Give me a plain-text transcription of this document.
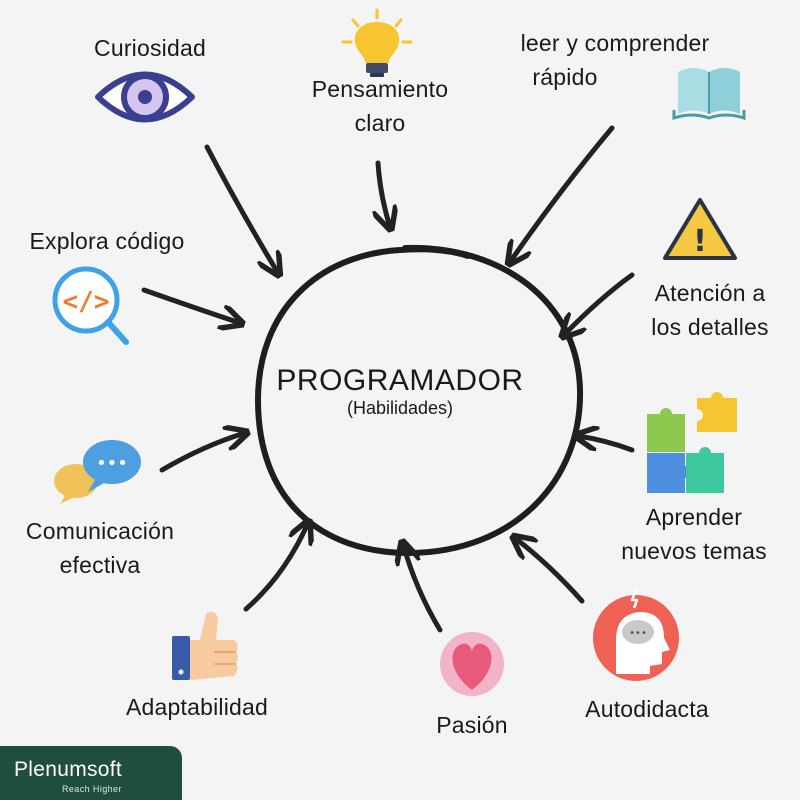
</>
!
•••
•••
PROGRAMADOR
(Habilidades)
Curiosidad
Pensamiento
claro
leer y comprender
rápido
Explora código
Atención a
los detalles
Comunicación
efectiva
Aprender
nuevos temas
Adaptabilidad
Pasión
Autodidacta
Plenumsoft
Reach Higher
